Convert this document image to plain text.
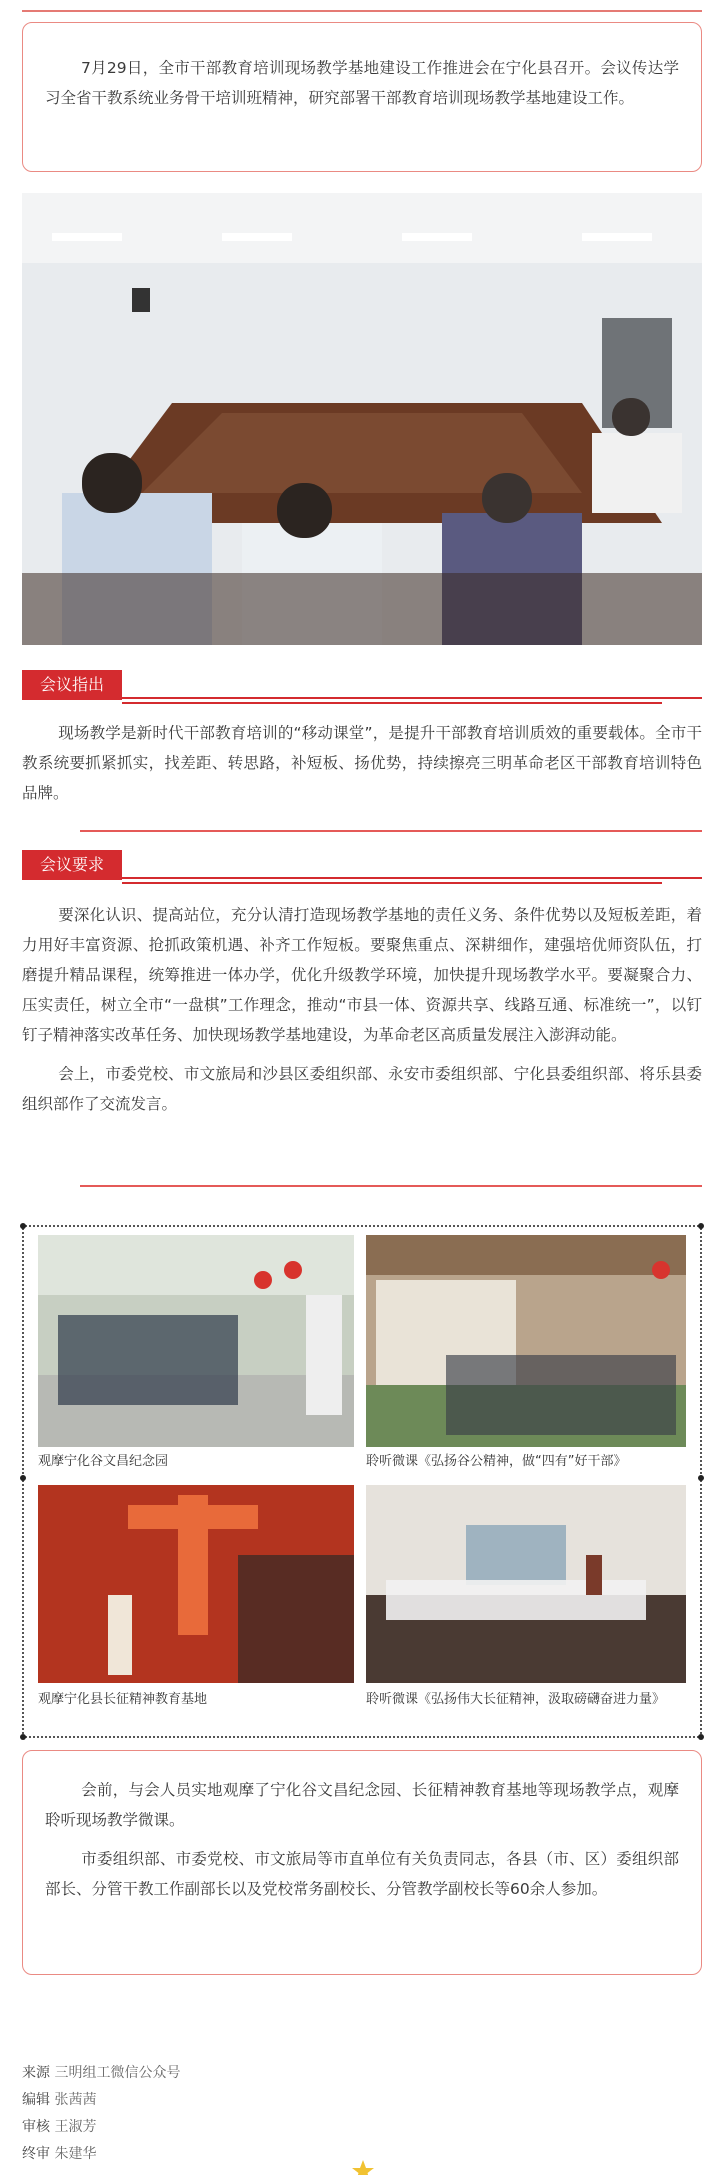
7月29日，全市干部教育培训现场教学基地建设工作推进会在宁化县召开。会议传达学习全省干教系统业务骨干培训班精神，研究部署干部教育培训现场教学基地建设工作。

会议指出

现场教学是新时代干部教育培训的“移动课堂”，是提升干部教育培训质效的重要载体。全市干教系统要抓紧抓实，找差距、转思路，补短板、扬优势，持续擦亮三明革命老区干部教育培训特色品牌。

会议要求

要深化认识、提高站位，充分认清打造现场教学基地的责任义务、条件优势以及短板差距，着力用好丰富资源、抢抓政策机遇、补齐工作短板。要聚焦重点、深耕细作，建强培优师资队伍，打磨提升精品课程，统筹推进一体办学，优化升级教学环境，加快提升现场教学水平。要凝聚合力、压实责任，树立全市“一盘棋”工作理念，推动“市县一体、资源共享、线路互通、标准统一”，以钉钉子精神落实改革任务、加快现场教学基地建设，为革命老区高质量发展注入澎湃动能。

会上，市委党校、市文旅局和沙县区委组织部、永安市委组织部、宁化县委组织部、将乐县委组织部作了交流发言。

观摩宁化谷文昌纪念园	聆听微课《弘扬谷公精神，做“四有”好干部》
观摩宁化县长征精神教育基地	聆听微课《弘扬伟大长征精神，汲取磅礴奋进力量》

会前，与会人员实地观摩了宁化谷文昌纪念园、长征精神教育基地等现场教学点，观摩聆听现场教学微课。

市委组织部、市委党校、市文旅局等市直单位有关负责同志，各县（市、区）委组织部部长、分管干教工作副部长以及党校常务副校长、分管教学副校长等60余人参加。

来源 三明组工微信公众号
编辑 张茜茜
审核 王淑芳
终审 朱建华
